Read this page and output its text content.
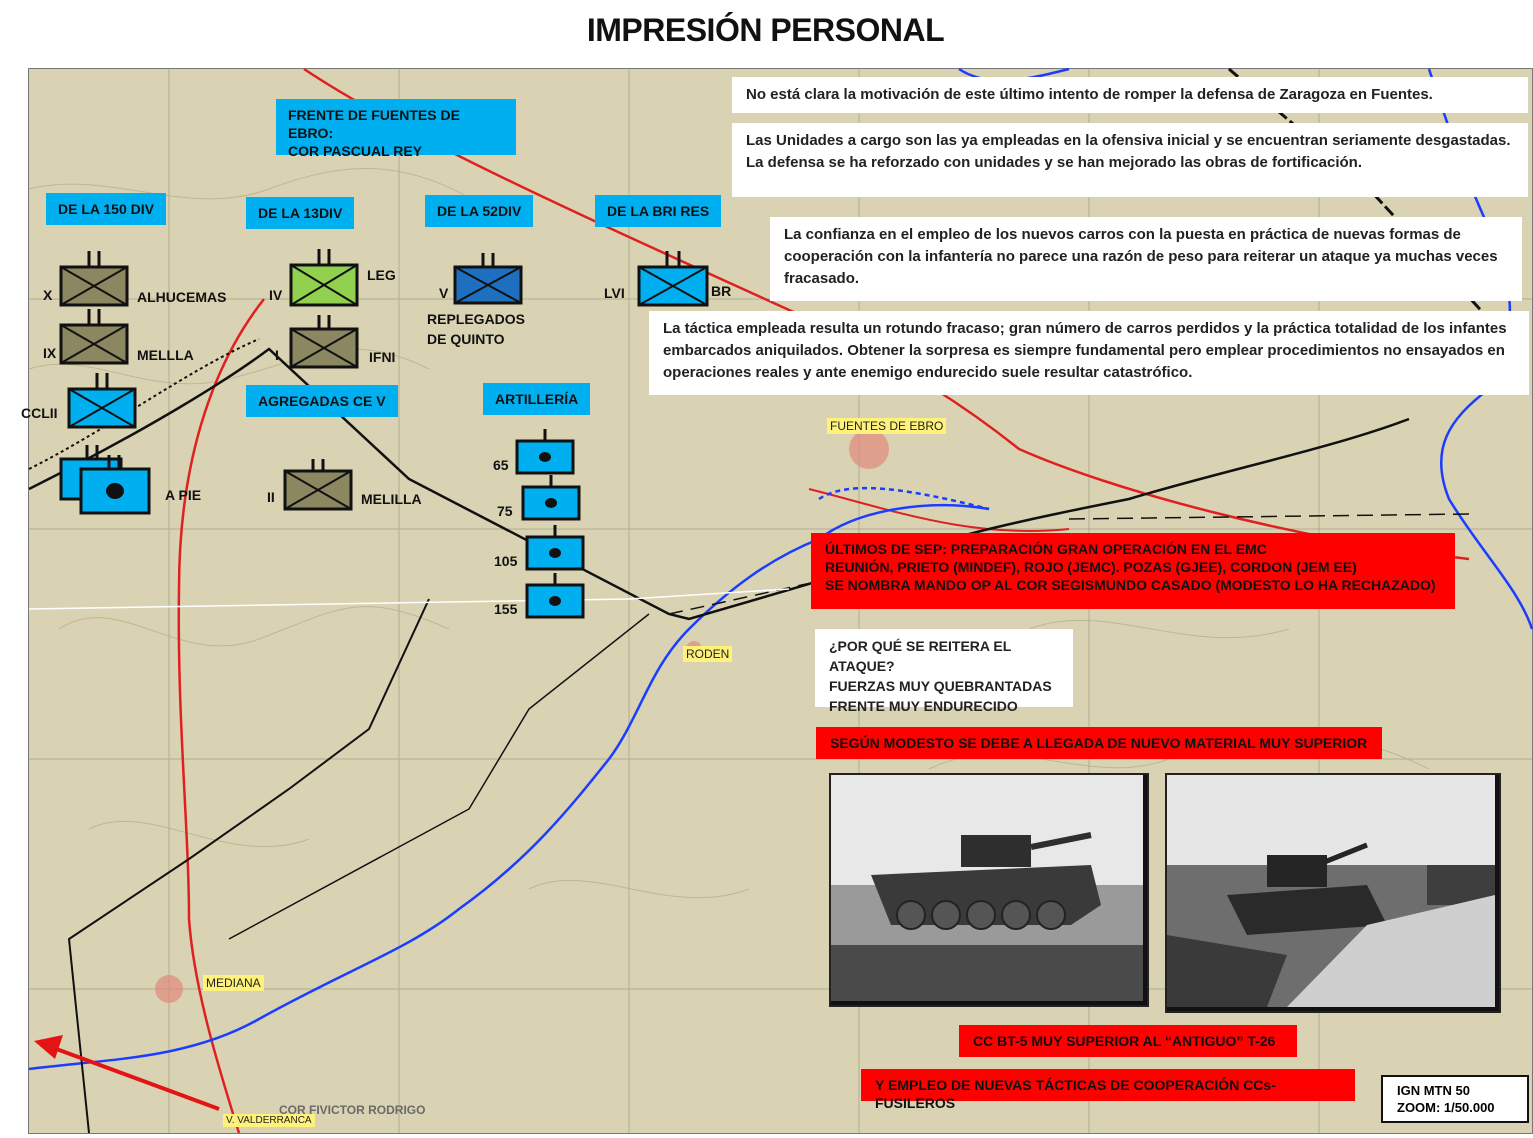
IMPRESIÓN PERSONAL
FRENTE DE FUENTES DE EBRO:
COR PASCUAL REY
DE LA 150 DIV	DE LA 13DIV	DE LA 52DIV	DE LA BRI RES
AGREGADAS CE V	ARTILLERÍA
X	ALHUCEMAS
IX	MELLLA
CCLII
A PIE
IV
LEG
I	IFNI
V
REPLEGADOS
DE QUINTO
LVI	BR
II	MELILLA
65
75
105
155
No está clara la motivación de este último intento de romper la defensa de Zaragoza en Fuentes.
Las Unidades a cargo son las ya empleadas en la ofensiva inicial y se encuentran seriamente desgastadas. La defensa se ha reforzado con unidades y se han mejorado las obras de fortificación.
La confianza en el empleo de los nuevos carros con la puesta en práctica de nuevas formas de cooperación con la infantería no parece una razón de peso para reiterar un ataque ya muchas veces fracasado.
La táctica empleada resulta un rotundo fracaso; gran número de carros perdidos y la práctica totalidad de los infantes embarcados aniquilados. Obtener la sorpresa es siempre fundamental pero emplear procedimientos no ensayados en operaciones reales y ante enemigo endurecido suele resultar catastrófico.
ÚLTIMOS DE SEP: PREPARACIÓN GRAN OPERACIÓN EN EL EMC
REUNIÓN, PRIETO (MINDEF), ROJO (JEMC). POZAS (GJEE), CORDON (JEM EE)
SE NOMBRA MANDO OP AL COR SEGISMUNDO CASADO (MODESTO LO HA RECHAZADO)
¿POR QUÉ SE REITERA EL ATAQUE?
FUERZAS MUY QUEBRANTADAS
FRENTE MUY ENDURECIDO
SEGÚN MODESTO SE DEBE A LLEGADA DE NUEVO MATERIAL MUY SUPERIOR
CC BT-5 MUY SUPERIOR AL “ANTIGUO” T-26
Y EMPLEO DE NUEVAS TÁCTICAS DE COOPERACIÓN CCs-FUSILEROS
IGN MTN 50
ZOOM: 1/50.000
FUENTES DE EBRO
RODEN
MEDIANA
V. VALDERRANCA
COR FIVICTOR RODRIGO
